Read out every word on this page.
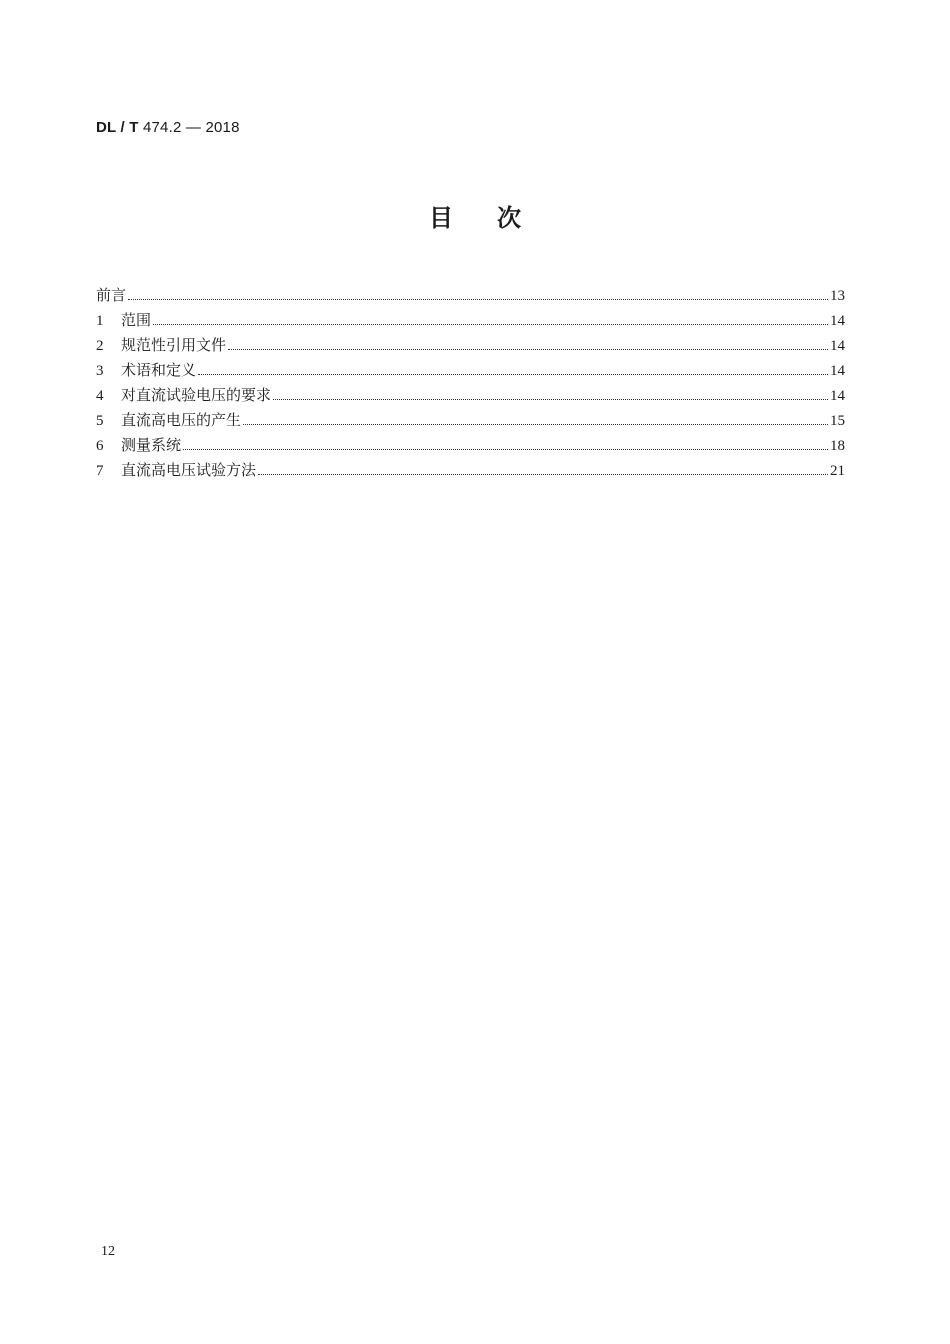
DL / T 474.2 — 2018
目次
前言	13
1	范围	14
2	规范性引用文件	14
3	术语和定义	14
4	对直流试验电压的要求	14
5	直流高电压的产生	15
6	测量系统	18
7	直流高电压试验方法	21
12
